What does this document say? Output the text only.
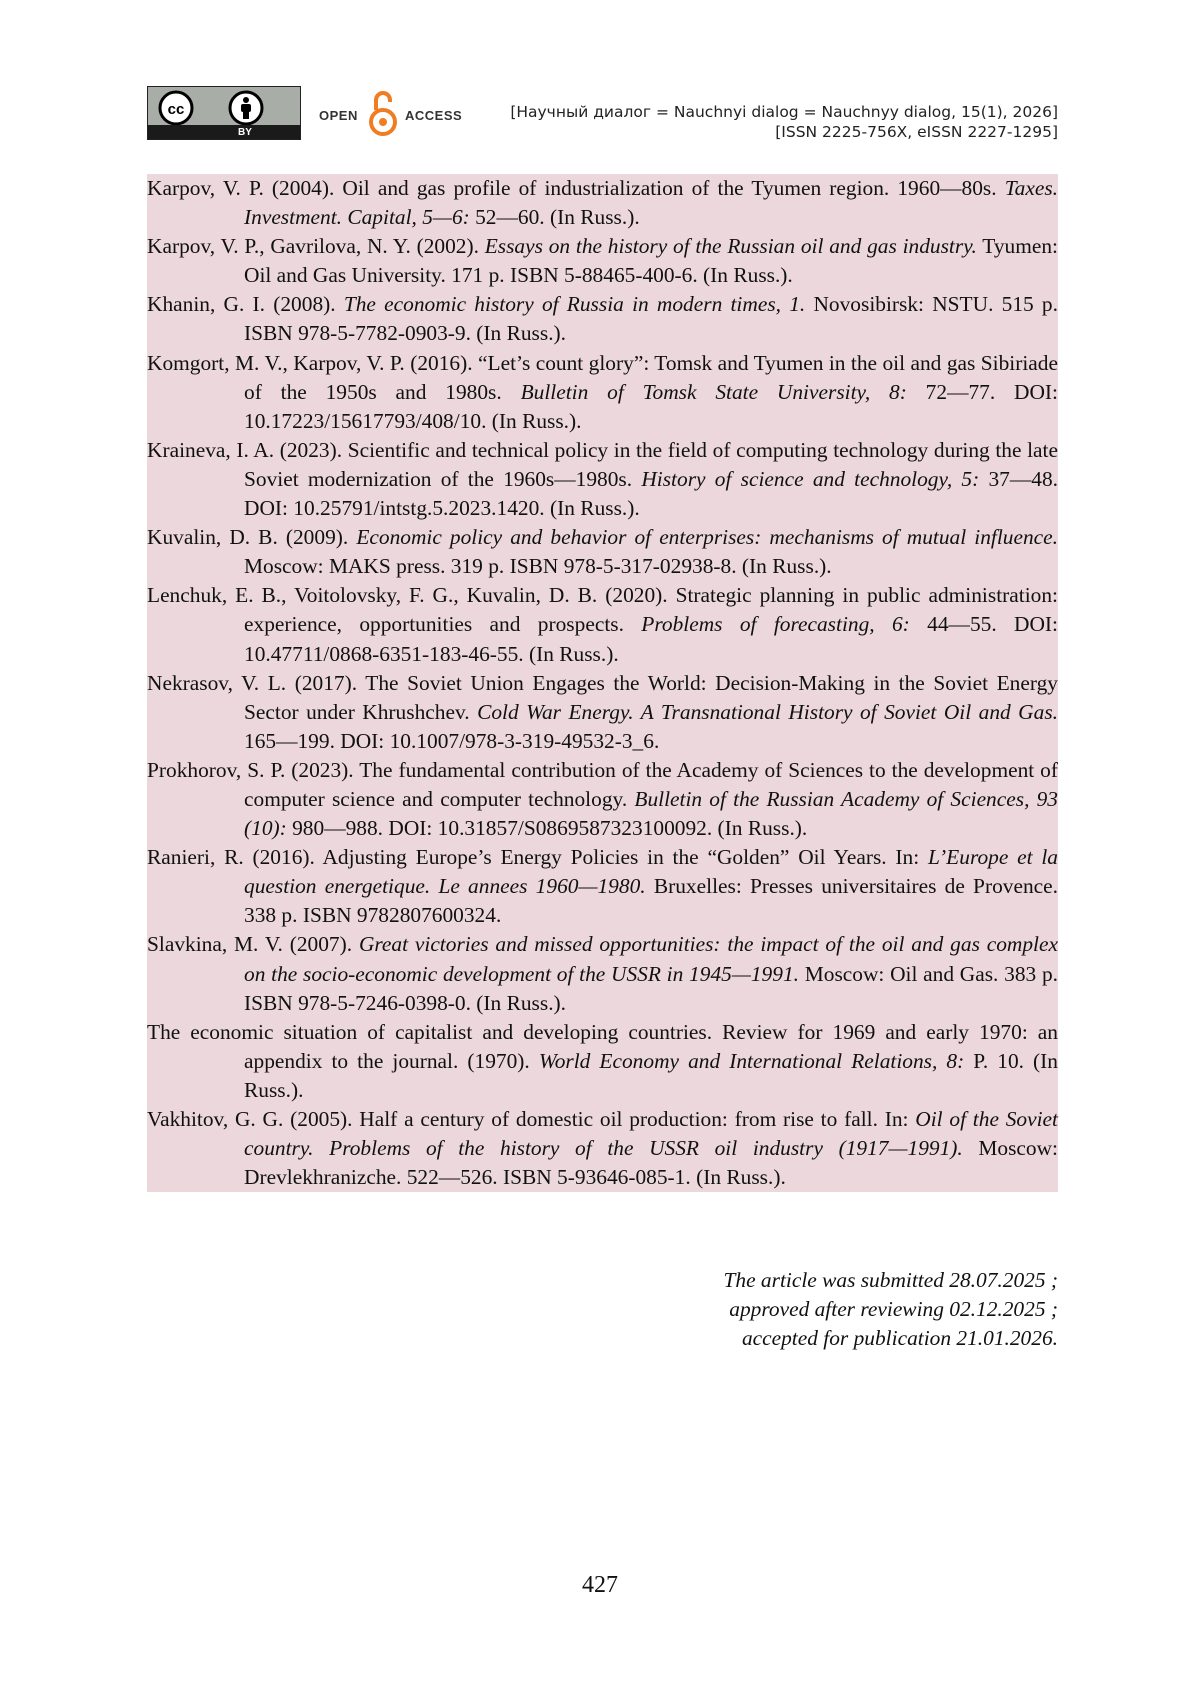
cc
BY
OPEN	ACCESS	[Научный диалог = Nauchnyi dialog = Nauchnyy dialog, 15(1), 2026]
[ISSN 2225-756X, eISSN 2227-1295]

Karpov, V. P. (2004). Oil and gas profile of industrialization of the Tyumen region. 1960—80s. Taxes. Investment. Capital, 5—6: 52—60. (In Russ.).

Karpov, V. P., Gavrilova, N. Y. (2002). Essays on the history of the Russian oil and gas industry. Tyumen: Oil and Gas University. 171 p. ISBN 5-88465-400-6. (In Russ.).

Khanin, G. I. (2008). The economic history of Russia in modern times, 1. Novosibirsk: NSTU. 515 p. ISBN 978-5-7782-0903-9. (In Russ.).

Komgort, M. V., Karpov, V. P. (2016). “Let’s count glory”: Tomsk and Tyumen in the oil and gas Sibiriade of the 1950s and 1980s. Bulletin of Tomsk State University, 8: 72—77. DOI: 10.17223/15617793/408/10. (In Russ.).

Kraineva, I. A. (2023). Scientific and technical policy in the field of computing technology during the late Soviet modernization of the 1960s—1980s. History of science and technology, 5: 37—48. DOI: 10.25791/intstg.5.2023.1420. (In Russ.).

Kuvalin, D. B. (2009). Economic policy and behavior of enterprises: mechanisms of mutual influence. Moscow: MAKS press. 319 p. ISBN 978-5-317-02938-8. (In Russ.).

Lenchuk, E. B., Voitolovsky, F. G., Kuvalin, D. B. (2020). Strategic planning in public administration: experience, opportunities and prospects. Problems of forecasting, 6: 44—55. DOI: 10.47711/0868-6351-183-46-55. (In Russ.).

Nekrasov, V. L. (2017). The Soviet Union Engages the World: Decision-Making in the Soviet Energy Sector under Khrushchev. Cold War Energy. A Transnational History of Soviet Oil and Gas. 165—199. DOI: 10.1007/978-3-319-49532-3_6.

Prokhorov, S. P. (2023). The fundamental contribution of the Academy of Sciences to the development of computer science and computer technology. Bulletin of the Russian Academy of Sciences, 93 (10): 980—988. DOI: 10.31857/S0869587323100092. (In Russ.).

Ranieri, R. (2016). Adjusting Europe’s Energy Policies in the “Golden” Oil Years. In: L’Europe et la question energetique. Le annees 1960—1980. Bruxelles: Presses universitaires de Provence. 338 p. ISBN 9782807600324.

Slavkina, M. V. (2007). Great victories and missed opportunities: the impact of the oil and gas complex on the socio-economic development of the USSR in 1945—1991. Moscow: Oil and Gas. 383 p. ISBN 978-5-7246-0398-0. (In Russ.).

The economic situation of capitalist and developing countries. Review for 1969 and early 1970: an appendix to the journal. (1970). World Economy and International Relations, 8: P. 10. (In Russ.).

Vakhitov, G. G. (2005). Half a century of domestic oil production: from rise to fall. In: Oil of the Soviet country. Problems of the history of the USSR oil industry (1917—1991). Moscow: Drevlekhranizche. 522—526. ISBN 5-93646-085-1. (In Russ.).

The article was submitted 28.07.2025 ;
approved after reviewing 02.12.2025 ;
accepted for publication 21.01.2026.
427
